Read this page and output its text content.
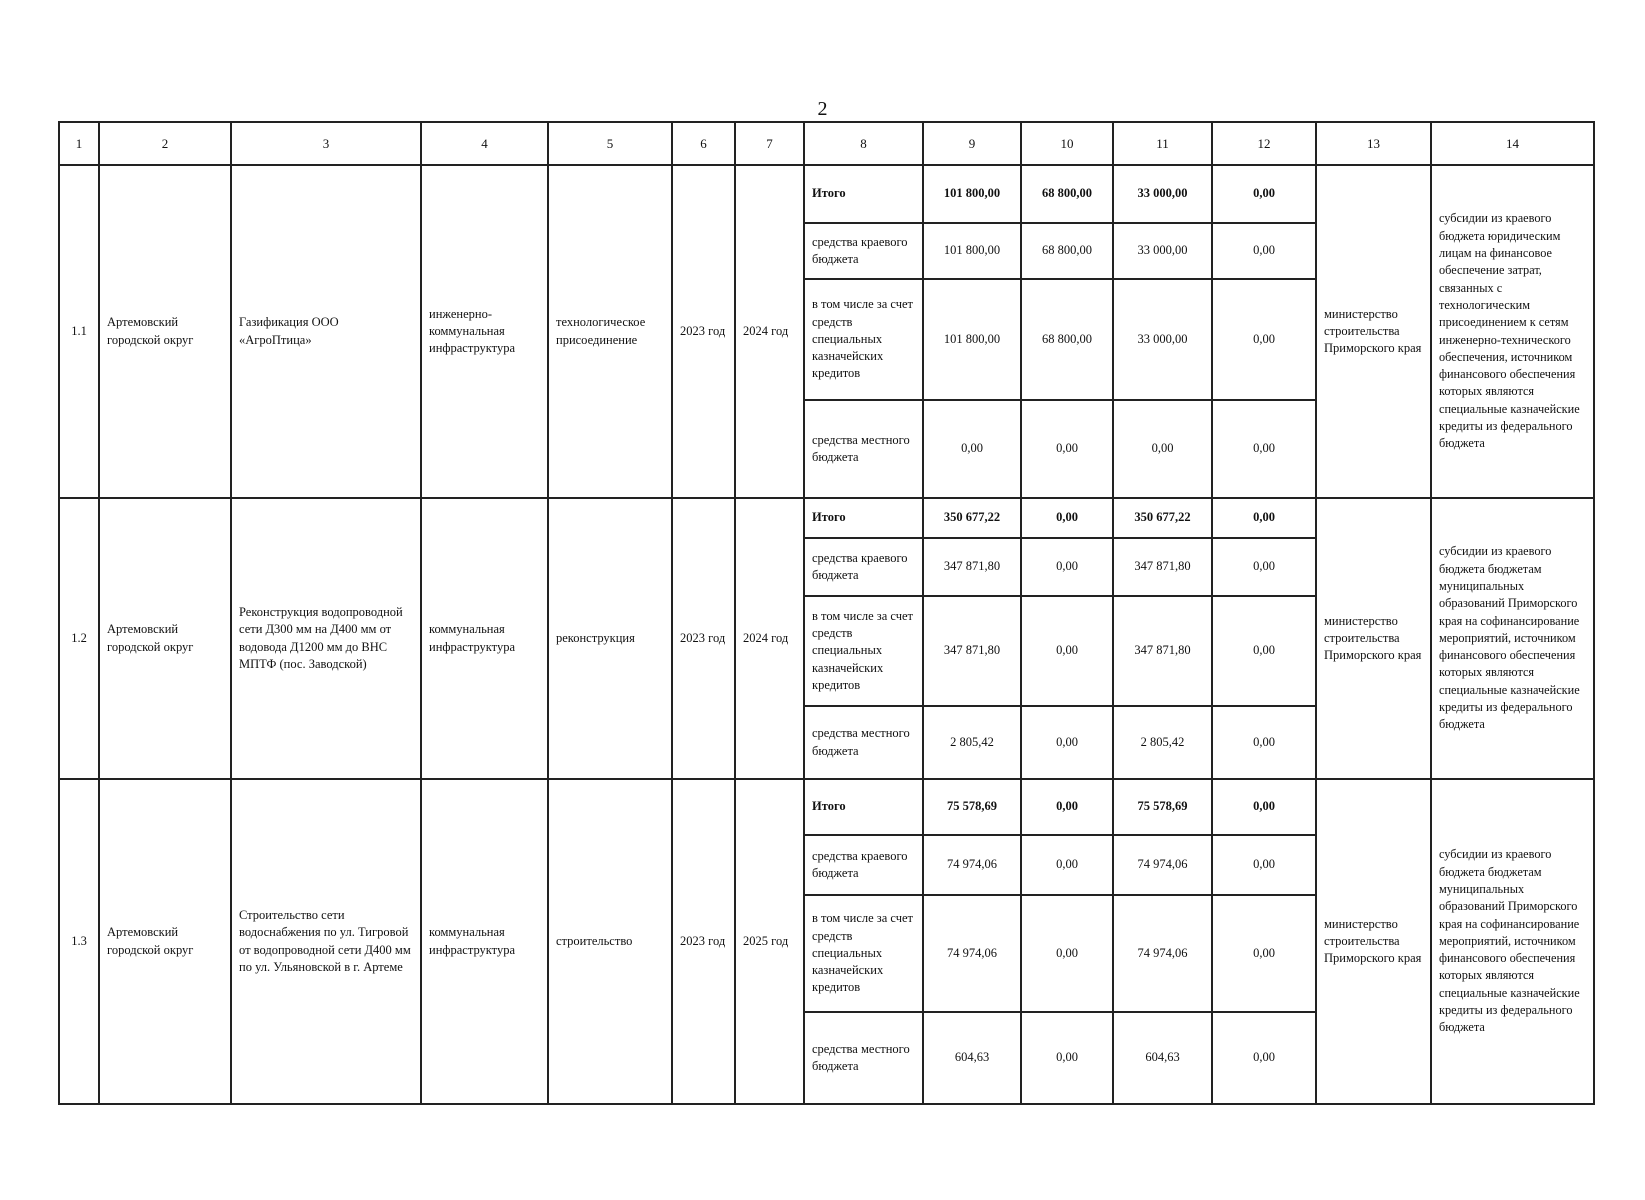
2
1	2	3	4	5	6	7	8	9	10	11	12	13	14
1.1	Артемовский городской округ	Газификация ООО «АгроПтица»	инженерно-коммунальная инфраструктура	технологическое присоединение	2023 год	2024 год	Итого	101 800,00	68 800,00	33 000,00	0,00	министерство строительства Приморского края	субсидии из краевого бюджета юридическим лицам на финансовое обеспечение затрат, связанных с технологическим присоединением к сетям инженерно-технического обеспечения, источником финансового обеспечения которых являются специальные казначейские кредиты из федерального бюджета
							средства краевого бюджета	101 800,00	68 800,00	33 000,00	0,00		
							в том числе за счет средств специальных казначейских кредитов	101 800,00	68 800,00	33 000,00	0,00		
							средства местного бюджета	0,00	0,00	0,00	0,00		
1.2	Артемовский городской округ	Реконструкция водопроводной сети Д300 мм на Д400 мм от водовода Д1200 мм до ВНС МПТФ (пос. Заводской)	коммунальная инфраструктура	реконструкция	2023 год	2024 год	Итого	350 677,22	0,00	350 677,22	0,00	министерство строительства Приморского края	субсидии из краевого бюджета бюджетам муниципальных образований Приморского края на софинансирование мероприятий, источником финансового обеспечения которых являются специальные казначейские кредиты из федерального бюджета
							средства краевого бюджета	347 871,80	0,00	347 871,80	0,00		
							в том числе за счет средств специальных казначейских кредитов	347 871,80	0,00	347 871,80	0,00		
							средства местного бюджета	2 805,42	0,00	2 805,42	0,00		
1.3	Артемовский городской округ	Строительство сети водоснабжения по ул. Тигровой от водопроводной сети Д400 мм по ул. Ульяновской в г. Артеме	коммунальная инфраструктура	строительство	2023 год	2025 год	Итого	75 578,69	0,00	75 578,69	0,00	министерство строительства Приморского края	субсидии из краевого бюджета бюджетам муниципальных образований Приморского края на софинансирование мероприятий, источником финансового обеспечения которых являются специальные казначейские кредиты из федерального бюджета
							средства краевого бюджета	74 974,06	0,00	74 974,06	0,00		
							в том числе за счет средств специальных казначейских кредитов	74 974,06	0,00	74 974,06	0,00		
							средства местного бюджета	604,63	0,00	604,63	0,00		
